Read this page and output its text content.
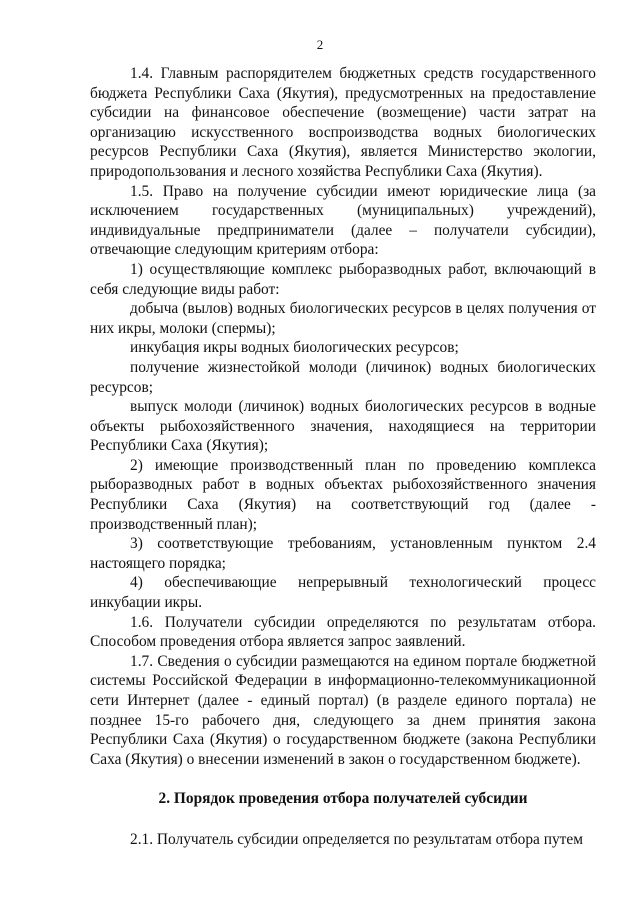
2

1.4. Главным распорядителем бюджетных средств государственного бюджета Республики Саха (Якутия), предусмотренных на предоставление субсидии на финансовое обеспечение (возмещение) части затрат на организацию искусственного воспроизводства водных биологических ресурсов Республики Саха (Якутия), является Министерство экологии, природопользования и лесного хозяйства Республики Саха (Якутия).

1.5. Право на получение субсидии имеют юридические лица (за исключением государственных (муниципальных) учреждений), индивидуальные предприниматели (далее – получатели субсидии), отвечающие следующим критериям отбора:

1) осуществляющие комплекс рыборазводных работ, включающий в себя следующие виды работ:

добыча (вылов) водных биологических ресурсов в целях получения от них икры, молоки (спермы);

инкубация икры водных биологических ресурсов;

получение жизнестойкой молоди (личинок) водных биологических ресурсов;

выпуск молоди (личинок) водных биологических ресурсов в водные объекты рыбохозяйственного значения, находящиеся на территории Республики Саха (Якутия);

2) имеющие производственный план по проведению комплекса рыборазводных работ в водных объектах рыбохозяйственного значения Республики Саха (Якутия) на соответствующий год (далее - производственный план);

3) соответствующие требованиям, установленным пунктом 2.4 настоящего порядка;

4) обеспечивающие непрерывный технологический процесс инкубации икры.

1.6. Получатели субсидии определяются по результатам отбора. Способом проведения отбора является запрос заявлений.

1.7. Сведения о субсидии размещаются на едином портале бюджетной системы Российской Федерации в информационно-телекоммуникационной сети Интернет (далее - единый портал) (в разделе единого портала) не позднее 15-го рабочего дня, следующего за днем принятия закона Республики Саха (Якутия) о государственном бюджете (закона Республики Саха (Якутия) о внесении изменений в закон о государственном бюджете).

2. Порядок проведения отбора получателей субсидии

2.1. Получатель субсидии определяется по результатам отбора путем
